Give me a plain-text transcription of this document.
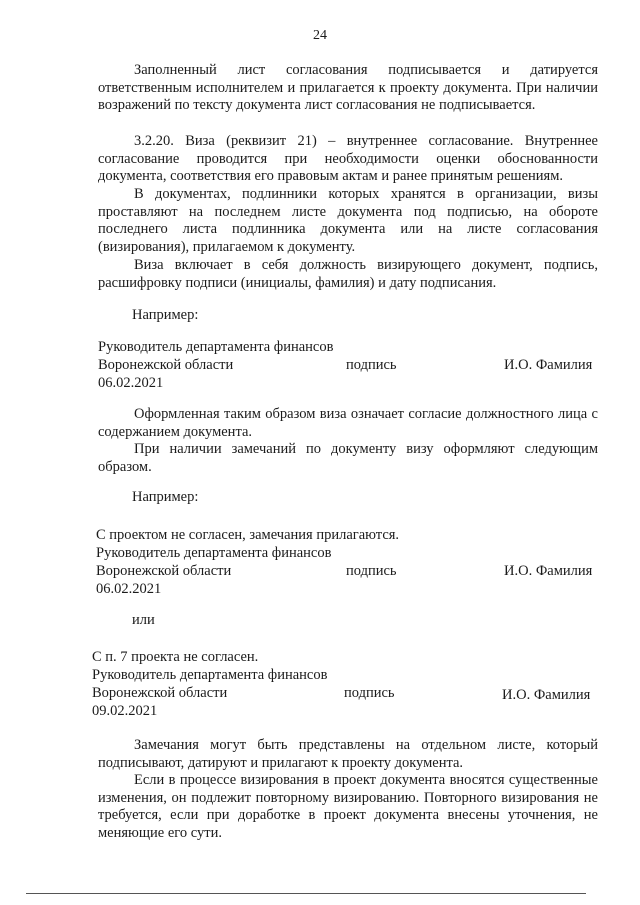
24
Заполненный лист согласования подписывается и датируется ответственным исполнителем и прилагается к проекту документа. При наличии возражений по тексту документа лист согласования не подписывается.
3.2.20. Виза (реквизит 21) – внутреннее согласование. Внутреннее согласование проводится при необходимости оценки обоснованности документа, соответствия его правовым актам и ранее принятым решениям.
В документах, подлинники которых хранятся в организации, визы проставляют на последнем листе документа под подписью, на обороте последнего листа подлинника документа или на листе согласования (визирования), прилагаемом к документу.
Виза включает в себя должность визирующего документ, подпись, расшифровку подписи (инициалы, фамилия) и дату подписания.
Например:
Руководитель департамента финансов
Воронежской области	подпись	И.О. Фамилия
06.02.2021
Оформленная таким образом виза означает согласие должностного лица с содержанием документа.
При наличии замечаний по документу визу оформляют следующим образом.
Например:
С проектом не согласен, замечания прилагаются.
Руководитель департамента финансов
Воронежской области	подпись	И.О. Фамилия
06.02.2021
или
С п. 7 проекта не согласен.
Руководитель департамента финансов
Воронежской области	подпись	И.О. Фамилия
09.02.2021
Замечания могут быть представлены на отдельном листе, который подписывают, датируют и прилагают к проекту документа.
Если в процессе визирования в проект документа вносятся существенные изменения, он подлежит повторному визированию. Повторного визирования не требуется, если при доработке в проект документа внесены уточнения, не меняющие его сути.
